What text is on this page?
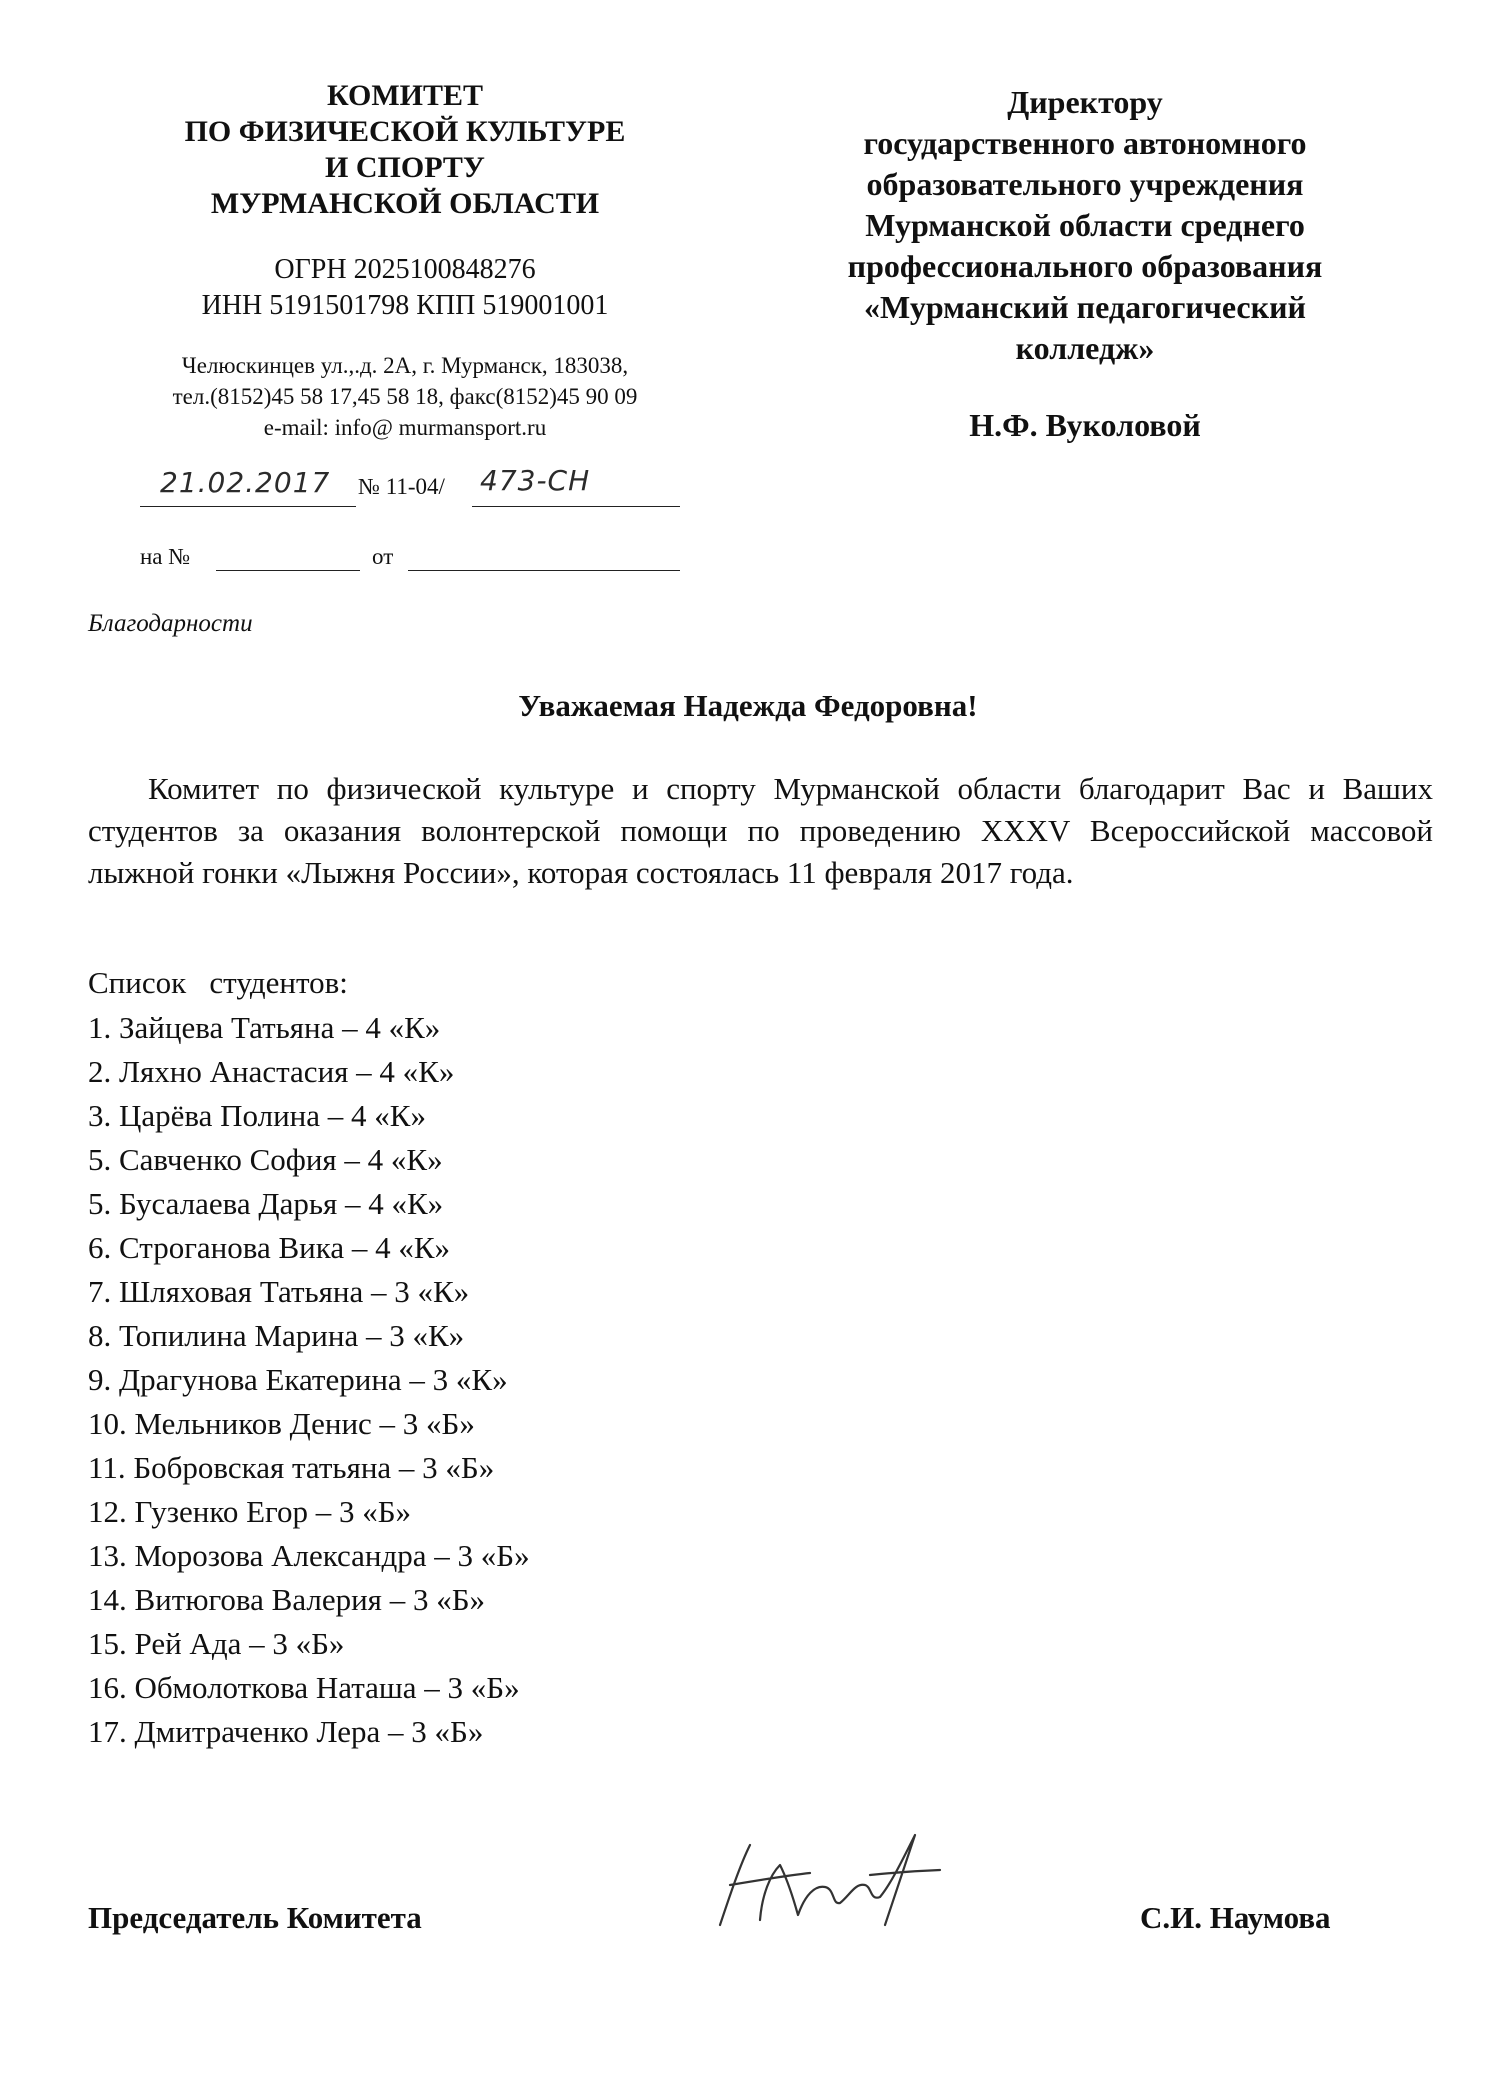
КОМИТЕТ
ПО ФИЗИЧЕСКОЙ КУЛЬТУРЕ
И СПОРТУ
МУРМАНСКОЙ ОБЛАСТИ
ОГРН 2025100848276
ИНН 5191501798 КПП 519001001
Челюскинцев ул.,.д. 2А, г. Мурманск, 183038,
тел.(8152)45 58 17,45 58 18, факс(8152)45 90 09
e-mail: info@ murmansport.ru
21.02.2017 № 11-04/ 473-СН
на №	от
Директору
государственного автономного
образовательного учреждения
Мурманской области среднего
профессионального образования
«Мурманский педагогический
колледж»
Н.Ф. Вуколовой
Благодарности
Уважаемая Надежда Федоровна!
Комитет по физической культуре и спорту Мурманской области благодарит Вас и Ваших студентов за оказания волонтерской помощи по проведению XXXV Всероссийской массовой лыжной гонки «Лыжня России», которая состоялась 11 февраля 2017 года.
Список   студентов:
1. Зайцева Татьяна – 4 «К»
2. Ляхно Анастасия – 4 «К»
3. Царёва Полина – 4 «К»
5. Савченко София – 4 «К»
5. Бусалаева Дарья – 4 «К»
6. Строганова Вика – 4 «К»
7. Шляховая Татьяна – 3 «К»
8. Топилина Марина – 3 «К»
9. Драгунова Екатерина – 3 «К»
10. Мельников Денис – 3 «Б»
11. Бобровская татьяна – 3 «Б»
12. Гузенко Егор – 3 «Б»
13. Морозова Александра – 3 «Б»
14. Витюгова Валерия – 3 «Б»
15. Рей Ада – 3 «Б»
16. Обмолоткова Наташа – 3 «Б»
17. Дмитраченко Лера – 3 «Б»
Председатель Комитета	С.И. Наумова
